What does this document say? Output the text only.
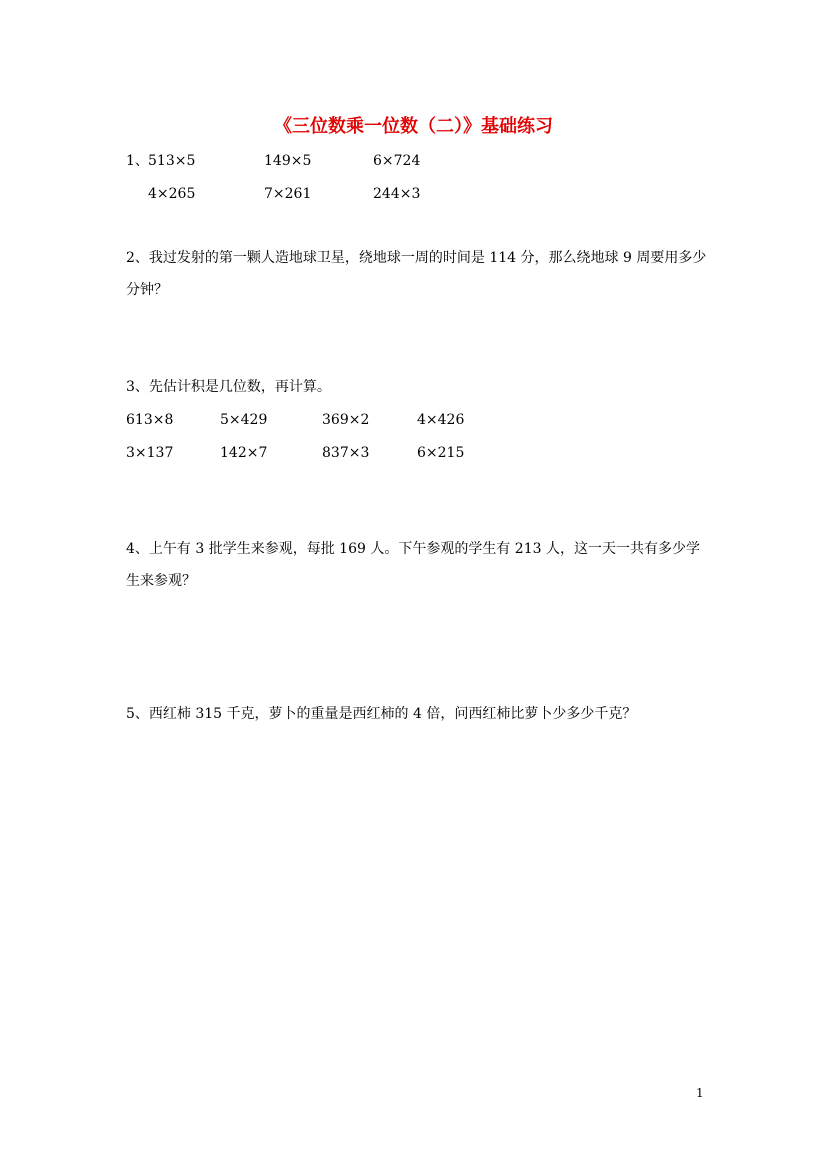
《三位数乘一位数（二）》基础练习
1、 513×5	149×5	6×724
4×265	7×261	244×3
2、我过发射的第一颗人造地球卫星，绕地球一周的时间是 114 分，那么绕地球 9 周要用多少分钟？
3、先估计积是几位数，再计算。
613×8	5×429	369×2	4×426
3×137	142×7	837×3	6×215
4、上午有 3 批学生来参观，每批 169 人。下午参观的学生有 213 人，这一天一共有多少学生来参观？
5、西红柿 315 千克，萝卜的重量是西红柿的 4 倍，问西红柿比萝卜少多少千克？
1
